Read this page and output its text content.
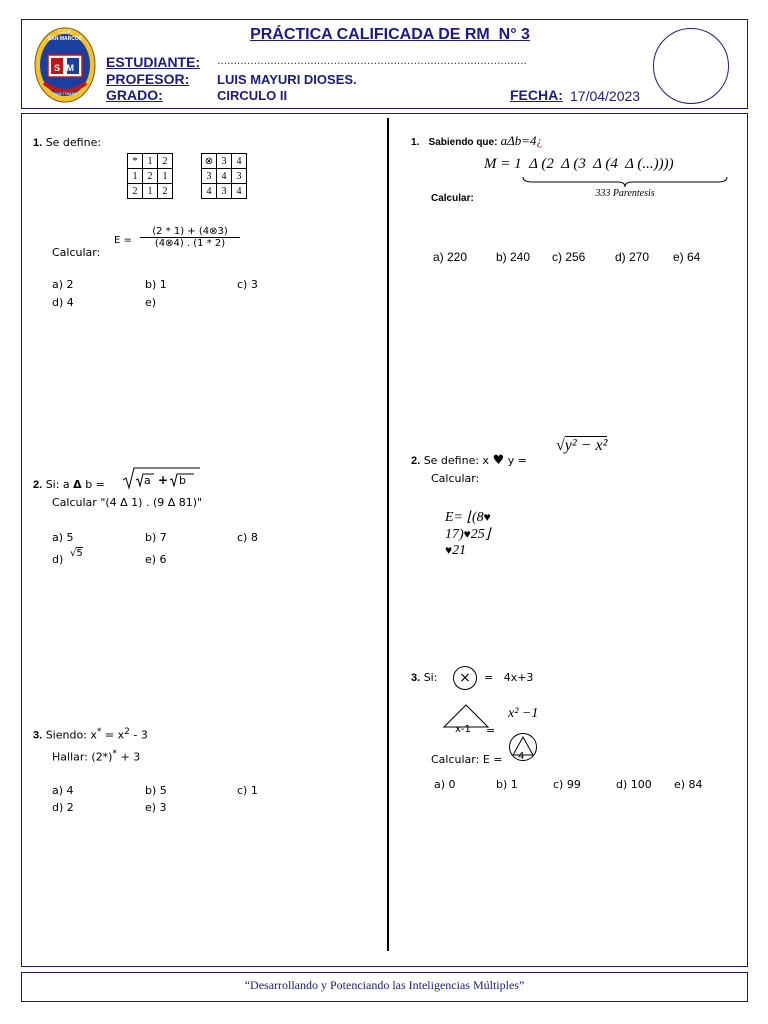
C.E.P.
SAN MARCOS
S M
SAN TOMÁS
PRÁCTICA CALIFICADA DE RM  N° 3
ESTUDIANTE: …………………………………………………………………………………
PROFESOR: LUIS MAYURI DIOSES.
GRADO:	CIRCULO II	FECHA: 17/04/2023
1. Se define:
*	1	2
1	2	1
2	1	2
⊗	3	4
3	4	3
4	3	4
Calcular:
$E = \frac{(2 * 1) + (4\otimes 3)}{(4\otimes 4) . (1 * 2)}$
a) 2	b) 1	c) 3
d) 4	e)
2. Si: a Δ b =	a + b
Calcular "(4 Δ 1) . (9 Δ 81)"
a) 5	b) 7	c) 8
d) √5	e) 6
3. Siendo: $x^* = x^2 - 3$
Hallar: (2*)* + 3
a) 4	b) 5	c) 1
d) 2	e) 3
1. Sabiendo que: aΔb=4¿
M = 1  Δ (2  Δ (3  Δ (4  Δ (...))))
333 Parentesis
Calcular:
a) 220 b) 240 c) 256 d) 270 e) 64
2. Se define: x ♥ y =
√y² − x²
Calcular:

E= ⌊(8♥
17)♥25⌋
♥21

3. Si:	×	=   4x+3
x-1 =
x² −1
Calcular: E = 4
a) 0	b) 1	c) 99	d) 100 e) 84
“Desarrollando y Potenciando las Inteligencias Múltiples”
